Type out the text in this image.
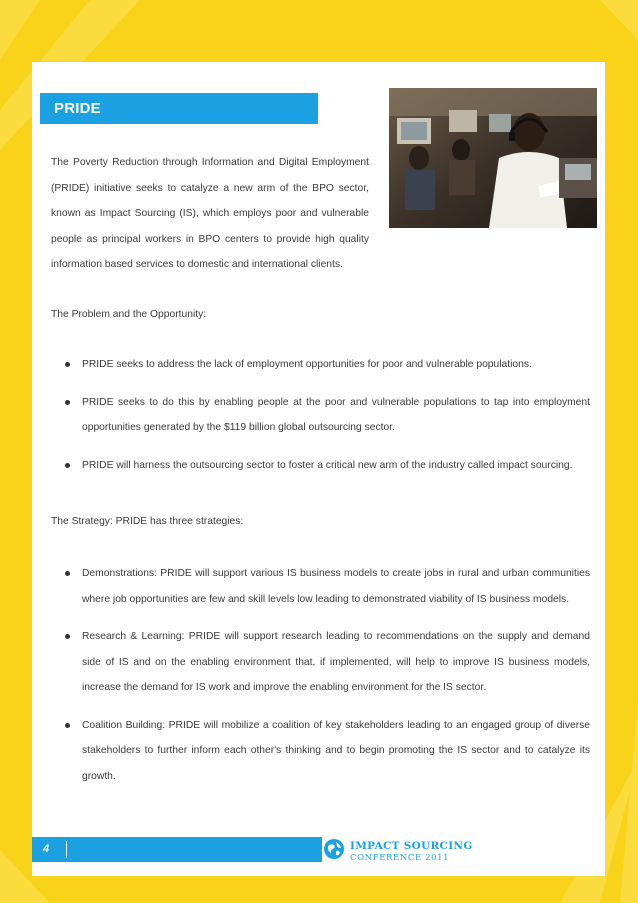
PRIDE

The Poverty Reduction through Information and Digital Employment (PRIDE) initiative seeks to catalyze a new arm of the BPO sector, known as Impact Sourcing (IS), which employs poor and vulnerable people as principal workers in BPO centers to provide high quality information based services to domestic and international clients.

The Problem and the Opportunity:
PRIDE seeks to address the lack of employment opportunities for poor and vulnerable populations.
PRIDE seeks to do this by enabling people at the poor and vulnerable populations to tap into employment opportunities generated by the $119 billion global outsourcing sector.
PRIDE will harness the outsourcing sector to foster a critical new arm of the industry called impact sourcing.
The Strategy: PRIDE has three strategies:
Demonstrations: PRIDE will support various IS business models to create jobs in rural and urban communities where job opportunities are few and skill levels low leading to demonstrated viability of IS business models.
Research & Learning: PRIDE will support research leading to recommendations on the supply and demand side of IS and on the enabling environment that, if implemented, will help to improve IS business models, increase the demand for IS work and improve the enabling environment for the IS sector.
Coalition Building: PRIDE will mobilize a coalition of key stakeholders leading to an engaged group of diverse stakeholders to further inform each other's thinking and to begin promoting the IS sector and to catalyze its growth.
4	IMPACT SOURCING
CONFERENCE 2011
